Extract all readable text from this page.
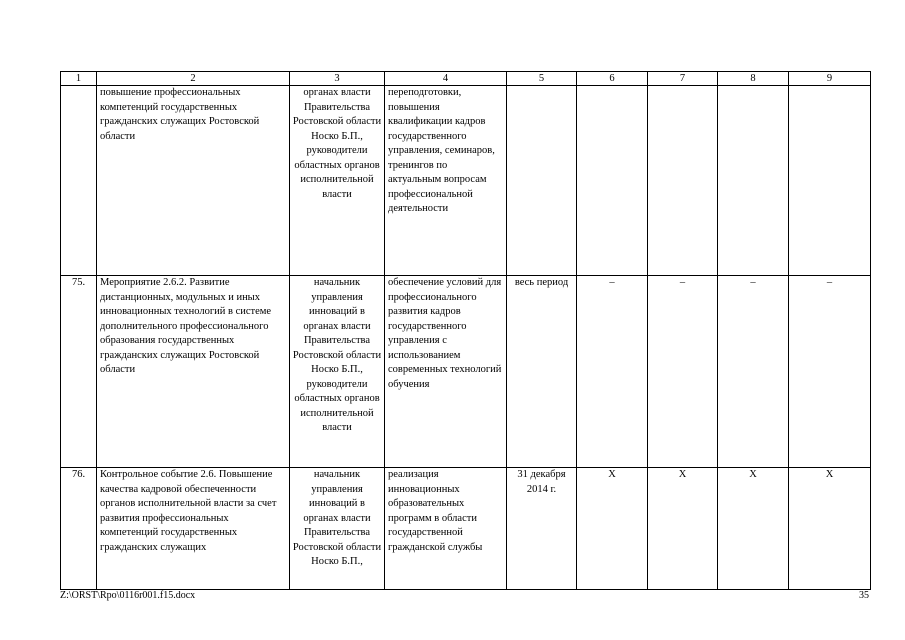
1	2	3	4	5	6	7	8	9
	повышение профессиональных компетенций государственных гражданских служащих Ростовской области	органах власти Правительства Ростовской области Носко Б.П., руководители областных органов исполнительной власти	переподготовки, повышения квалификации кадров государственного управления, семинаров, тренингов по актуальным вопросам профессиональной деятельности					
75.	Мероприятие 2.6.2. Развитие дистанционных, модульных и иных инновационных технологий в системе дополнительного профессионального образования государственных гражданских служащих Ростовской области	начальник управления инноваций в органах власти Правительства Ростовской области Носко Б.П., руководители областных органов исполнительной власти	обеспечение условий для профессионального развития кадров государственного управления с использованием современных технологий обучения	весь период	–	–	–	–
76.	Контрольное событие 2.6. Повышение качества кадровой обеспеченности органов исполнительной власти за счет развития профессиональных компетенций государственных гражданских служащих	начальник управления инноваций в органах власти Правительства Ростовской области Носко Б.П.,	реализация инновационных образовательных программ в области государственной гражданской службы	31 декабря 2014 г.	X	X	X	X
Z:\ORST\Rpo\0116r001.f15.docx	35
